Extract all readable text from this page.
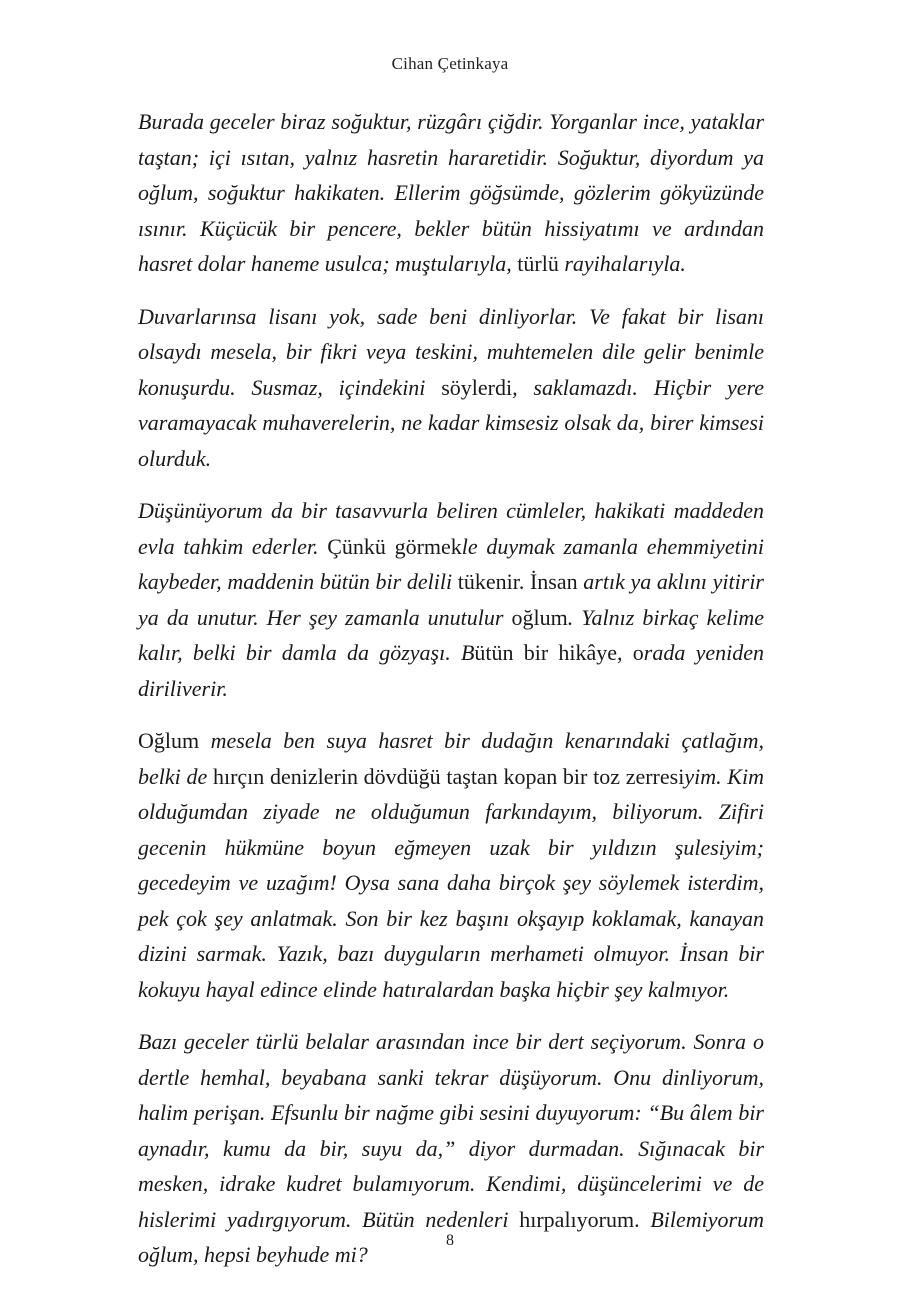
Cihan Çetinkaya

Burada geceler biraz soğuktur, rüzgârı çiğdir. Yorganlar ince, yataklar taştan; içi ısıtan, yalnız hasretin hararetidir. Soğuktur, diyordum ya oğlum, soğuktur hakikaten. Ellerim göğsümde, gözlerim gökyüzünde ısınır. Küçücük bir pencere, bekler bütün hissiyatımı ve ardından hasret dolar haneme usulca; muştularıyla, türlü rayihalarıyla.

Duvarlarınsa lisanı yok, sade beni dinliyorlar. Ve fakat bir lisanı olsaydı mesela, bir fikri veya teskini, muhtemelen dile gelir benimle konuşurdu. Susmaz, içindekini söylerdi, saklamazdı. Hiçbir yere varamayacak muhaverelerin, ne kadar kimsesiz olsak da, birer kimsesi olurduk.

Düşünüyorum da bir tasavvurla beliren cümleler, hakikati maddeden evla tahkim ederler. Çünkü görmekle duymak zamanla ehemmiyetini kaybeder, maddenin bütün bir delili tükenir. İnsan artık ya aklını yitirir ya da unutur. Her şey zamanla unutulur oğlum. Yalnız birkaç kelime kalır, belki bir damla da gözyaşı. Bütün bir hikâye, orada yeniden diriliverir.

Oğlum mesela ben suya hasret bir dudağın kenarındaki çatlağım, belki de hırçın denizlerin dövdüğü taştan kopan bir toz zerresiyim. Kim olduğumdan ziyade ne olduğumun farkındayım, biliyorum. Zifiri gecenin hükmüne boyun eğmeyen uzak bir yıldızın şulesiyim; gecedeyim ve uzağım! Oysa sana daha birçok şey söylemek isterdim, pek çok şey anlatmak. Son bir kez başını okşayıp koklamak, kanayan dizini sarmak. Yazık, bazı duyguların merhameti olmuyor. İnsan bir kokuyu hayal edince elinde hatıralardan başka hiçbir şey kalmıyor.

Bazı geceler türlü belalar arasından ince bir dert seçiyorum. Sonra o dertle hemhal, beyabana sanki tekrar düşüyorum. Onu dinliyorum, halim perişan. Efsunlu bir nağme gibi sesini duyuyorum: “Bu âlem bir aynadır, kumu da bir, suyu da,” diyor durmadan. Sığınacak bir mesken, idrake kudret bulamıyorum. Kendimi, düşüncelerimi ve de hislerimi yadırgıyorum. Bütün nedenleri hırpalıyorum. Bilemiyorum oğlum, hepsi beyhude mi?

8
